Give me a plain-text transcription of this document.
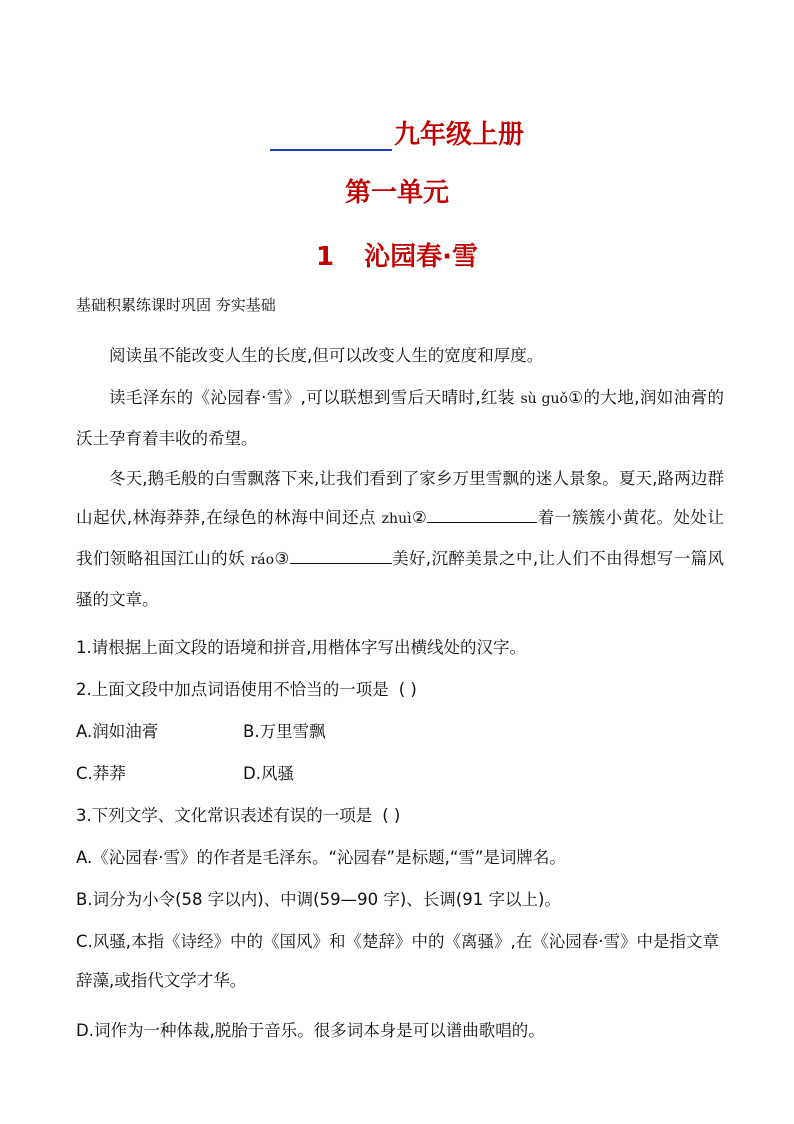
九年级上册
第一单元
1 沁园春·雪

基础积累练课时巩固 夯实基础

阅读虽不能改变人生的长度,但可以改变人生的宽度和厚度。

读毛泽东的《沁园春·雪》,可以联想到雪后天晴时,红装 sù guǒ①的大地,润如油膏的沃土孕育着丰收的希望。

冬天,鹅毛般的白雪飘落下来,让我们看到了家乡万里雪飘的迷人景象。夏天,路两边群山起伏,林海莽莽,在绿色的林海中间还点 zhuì②	着一簇簇小黄花。处处让我们领略祖国江山的妖 ráo③	美好,沉醉美景之中,让人们不由得想写一篇风骚的文章。

1.请根据上面文段的语境和拼音,用楷体字写出横线处的汉字。

2.上面文段中加点词语使用不恰当的一项是 ( )

A.润如油膏	B.万里雪飘
C.莽莽	D.风骚

3.下列文学、文化常识表述有误的一项是 ( )

A.《沁园春·雪》的作者是毛泽东。“沁园春”是标题,“雪”是词牌名。

B.词分为小令(58 字以内)、中调(59—90 字)、长调(91 字以上)。

C.风骚,本指《诗经》中的《国风》和《楚辞》中的《离骚》,在《沁园春·雪》中是指文章辞藻,或指代文学才华。

D.词作为一种体裁,脱胎于音乐。很多词本身是可以谱曲歌唱的。
